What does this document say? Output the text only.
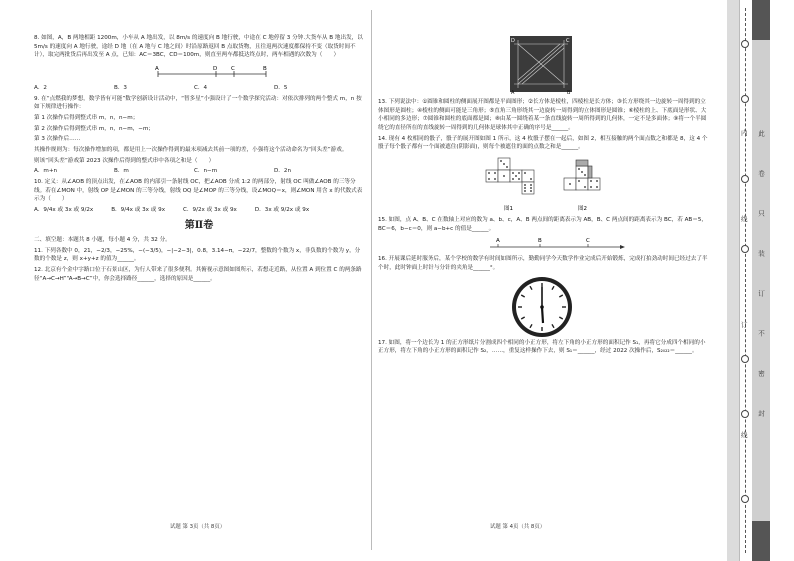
8. 如图，A，B 两地相距 1200m，小车从 A 地出发，以 8m/s 的速度向 B 地行驶，中途在 C 地停留 3 分钟.大货车从 B 地出发，以 5m/s 的速度向 A 地行驶，途经 D 地（在 A 地与 C 地之间）时沿原路返回 B 点取货物，且往返两次速度都保持不变（取货时间不计），取完两批货后再出发至 A 点，已知：AC＝3BC，CD＝100m，则直至两车都抵达终点时，两车相遇的次数为（　　）

A	D	C	B

A．2	B．3	C．4	D．5

9. 在“点燃我的梦想，数学皆有可能”数学创新设计活动中，“智多星”小强设计了一个数学探究活动：对依次排列的两个整式 m，n 按如下规律进行操作：

第 1 次操作后得到整式串 m，n，n−m；

第 2 次操作后得到整式串 m，n，n−m，−m；

第 3 次操作后……

其操作规则为：每次操作增加的项，都是用上一次操作得到的最末项减去其前一项的差，小强将这个活动命名为“回头差”游戏。

则该“回头差”游戏第 2023 次操作后得到的整式串中各项之和是（　　）

A．m+n	B．m	C．n−m	D．2n

10. 定义：从∠AOB 的顶点出发，在∠AOB 的内部引一条射线 OC，把∠AOB 分成 1:2 的两部分，射线 OC 叫做∠AOB 的三等分线。若在∠MON 中，射线 OP 是∠MON 的三等分线，射线 OQ 是∠MOP 的三等分线，设∠MOQ＝x，则∠MON 用含 x 的代数式表示为（　　）

A．9/4x 或 3x 或 9/2x	B．9/4x 或 3x 或 9x	C．9/2x 或 3x 或 9x	D．3x 或 9/2x 或 9x

第Ⅱ卷

二、填空题：本题共 8 小题，每小题 4 分，共 32 分。

11. 下列各数中 0，21，−2/3，−25%，−(−3/5)，−|−2−3|，0.8̇，3.14−π，−22/7，整数的个数为 x，非负数的个数为 y，分数的个数是 z，则 x+y+z 的值为______。

12. 北京有个金中字路口位于石景山区，为行人带来了很多便利。其俯视示意图如图所示，若想走近路，从位置 A 到位置 C 的两条路径“A→C→H”“A→B→C”中，你会选择路径______，选择的原因是______。

试题 第 3页（共 8页）
C
A	B
D

13. 下列说法中：①圆锥和圆柱的侧面展开图都是平面图形；②长方体是棱柱，四棱柱是长方体；③长方形绕其一边旋转一周得到的立体图形是圆柱；④棱柱的侧面可能是三角形；⑤直角三角形绕其一边旋转一周得到的立体图形是圆锥；⑥棱柱的上、下底面是形状、大小相同的多边形；⑦圆锥和圆柱的底面都是圆；⑧由某一圆绕着某一条直线旋转一周所得到的几何体，一定不是多面体；⑨将一个半圆绕它的直径所在的直线旋转一周得到的几何体是球体其中正确的序号是______。

14. 现有 4 枚相同的骰子，骰子的展开图如图 1 所示，这 4 枚骰子摆在一起后，如图 2，相互接触的两个面点数之和都是 8，这 4 个骰子每个骰子都有一个面被遮住(阴影面)，则每个被遮住的面的点数之和是______。

图1	图2

15. 如图，点 A、B、C 在数轴上对应的数为 a、b、c，A、B 两点间的距离表示为 AB，B、C 两点间的距离表示为 BC，若 AB＝5，BC＝6，b−c＝0，则 a−b+c 的值是______。

A	B	C

16. 开展课后延时服务后，某个学校的数学有时间如图所示，勤勤同学今天数学作业完成后开始锻炼，完成打拍劲动时间已经过去了半个时，此时钟面上时针与分针的夹角是______°。

17. 如图，将一个边长为 1 的正方形纸片分割成四个相同的小正方形，将左下角的小正方形的面积记作 S₁，再将它分成四个相同的小正方形，将左下角的小正方形的面积记作 S₂，……，重复这样操作下去，则 S₁＝______，经过 2022 次操作后，S₂₀₂₂＝______。

试题 第 4页（共 8页）
内
线
订
线
此
卷
只
装
订
不
密
封
